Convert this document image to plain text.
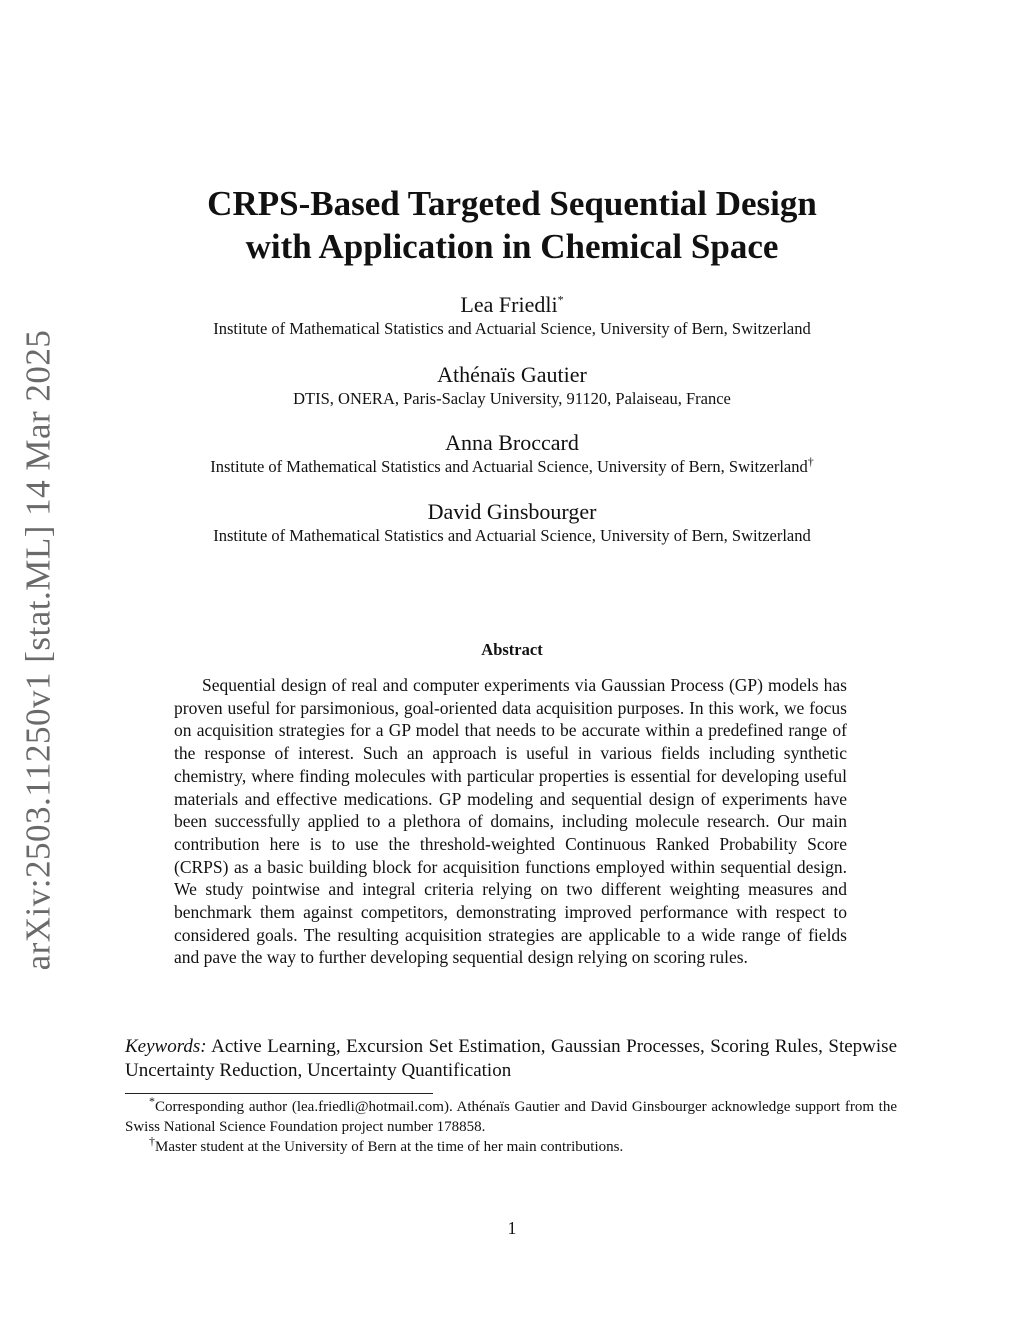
arXiv:2503.11250v1 [stat.ML] 14 Mar 2025
CRPS-Based Targeted Sequential Design
with Application in Chemical Space
Lea Friedli*
Institute of Mathematical Statistics and Actuarial Science, University of Bern, Switzerland
Athénaïs Gautier
DTIS, ONERA, Paris-Saclay University, 91120, Palaiseau, France
Anna Broccard
Institute of Mathematical Statistics and Actuarial Science, University of Bern, Switzerland†
David Ginsbourger
Institute of Mathematical Statistics and Actuarial Science, University of Bern, Switzerland
Abstract

Sequential design of real and computer experiments via Gaussian Process (GP) models has proven useful for parsimonious, goal-oriented data acquisition purposes. In this work, we focus on acquisition strategies for a GP model that needs to be accurate within a predefined range of the response of interest. Such an approach is useful in various fields including synthetic chemistry, where finding molecules with particular properties is essential for developing useful materials and effective medications. GP modeling and sequential design of experiments have been successfully applied to a plethora of domains, including molecule research. Our main contribution here is to use the threshold-weighted Continuous Ranked Probability Score (CRPS) as a basic building block for acquisition functions employed within sequential design. We study pointwise and integral criteria relying on two different weighting measures and benchmark them against competitors, demonstrating improved performance with respect to considered goals. The resulting acquisition strategies are applicable to a wide range of fields and pave the way to further developing sequential design relying on scoring rules.

Keywords: Active Learning, Excursion Set Estimation, Gaussian Processes, Scoring Rules, Stepwise Uncertainty Reduction, Uncertainty Quantification

*Corresponding author (lea.friedli@hotmail.com). Athénaïs Gautier and David Ginsbourger acknowledge support from the Swiss National Science Foundation project number 178858.

†Master student at the University of Bern at the time of her main contributions.

1
